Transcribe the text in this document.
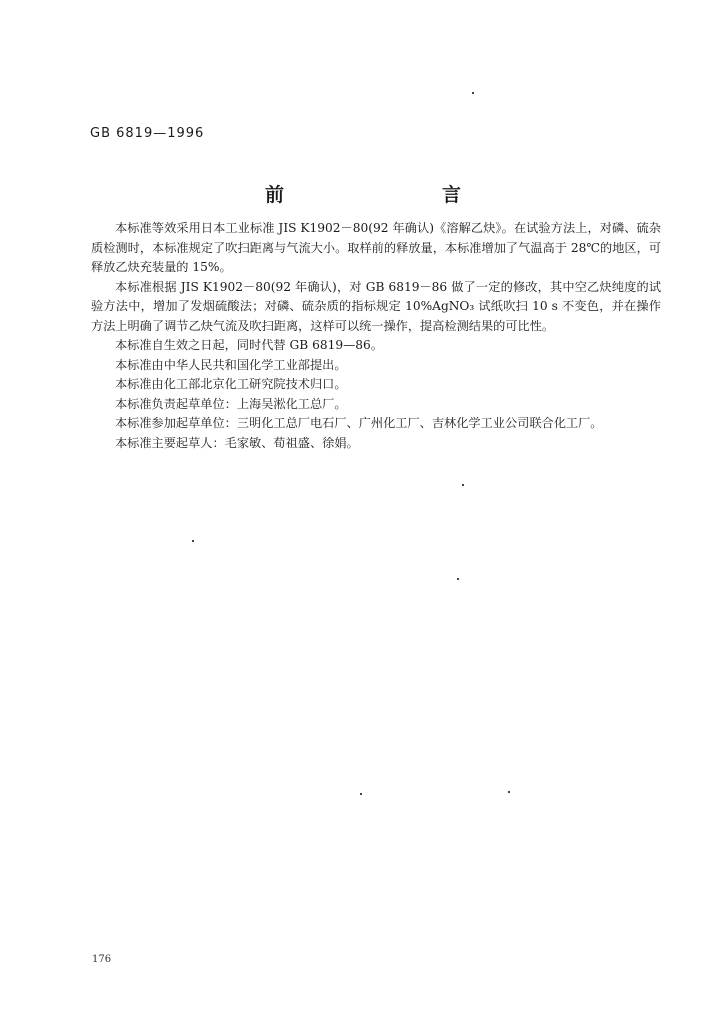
GB 6819—1996
前　　言

本标准等效采用日本工业标准 JIS K1902－80(92 年确认)《溶解乙炔》。在试验方法上，对磷、硫杂质检测时，本标准规定了吹扫距离与气流大小。取样前的释放量，本标准增加了气温高于 28℃的地区，可释放乙炔充装量的 15%。

本标准根据 JIS K1902－80(92 年确认)，对 GB 6819－86 做了一定的修改，其中空乙炔纯度的试验方法中，增加了发烟硫酸法；对磷、硫杂质的指标规定 10%AgNO₃ 试纸吹扫 10 s 不变色，并在操作方法上明确了调节乙炔气流及吹扫距离，这样可以统一操作，提高检测结果的可比性。

本标准自生效之日起，同时代替 GB 6819—86。

本标准由中华人民共和国化学工业部提出。

本标准由化工部北京化工研究院技术归口。

本标准负责起草单位：上海吴淞化工总厂。

本标准参加起草单位：三明化工总厂电石厂、广州化工厂、吉林化学工业公司联合化工厂。

本标准主要起草人：毛家敏、荀祖盛、徐娟。

176
